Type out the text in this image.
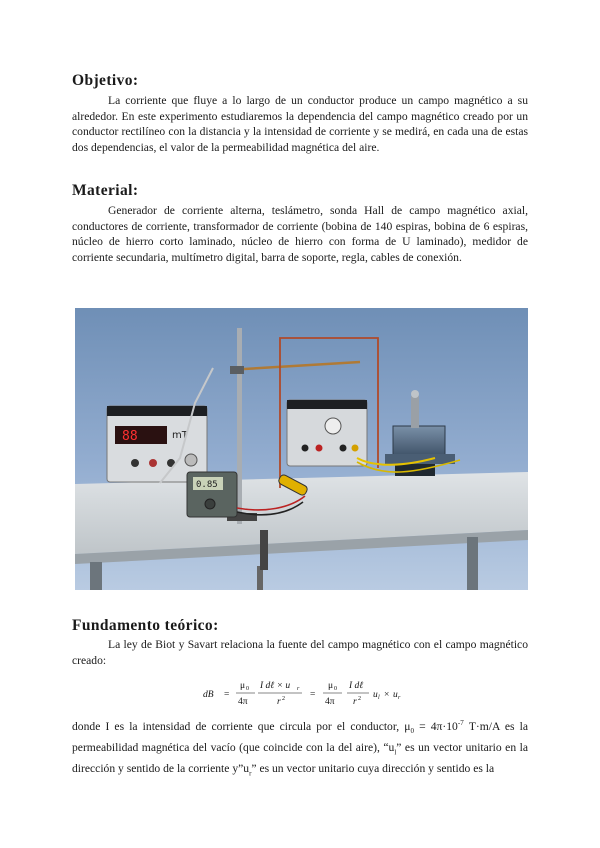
Objetivo:

La corriente que fluye a lo largo de un conductor produce un campo magnético a su alrededor. En este experimento estudiaremos la dependencia del campo magnético creado por un conductor rectilíneo con la distancia y la intensidad de corriente y se medirá, en cada una de estas dos dependencias, el valor de la permeabilidad magnética del aire.

Material:

Generador de corriente alterna, teslámetro, sonda Hall de campo magnético axial, conductores de corriente, transformador de corriente (bobina de 140 espiras, bobina de 6 espiras, núcleo de hierro corto laminado, núcleo de hierro con forma de U laminado), medidor de corriente secundaria, multímetro digital, barra de soporte, regla, cables de conexión.

88	mT
0.85
Fundamento teórico:

La ley de Biot y Savart relaciona la fuente del campo magnético con el campo magnético creado:

dB =
μ 0
4π
I dℓ × u r
r 2	=
μ 0
4π
I dℓ
r 2 u l × u r

donde I es la intensidad de corriente que circula por el conductor, $\mu_0 = 4\pi\cdot 10^{-7}$ T·m/A es la permeabilidad magnética del vacío (que coincide con la del aire), “$u_l$” es un vector unitario en la dirección y sentido de la corriente $y”u_r$” es un vector unitario cuya dirección y sentido es la
